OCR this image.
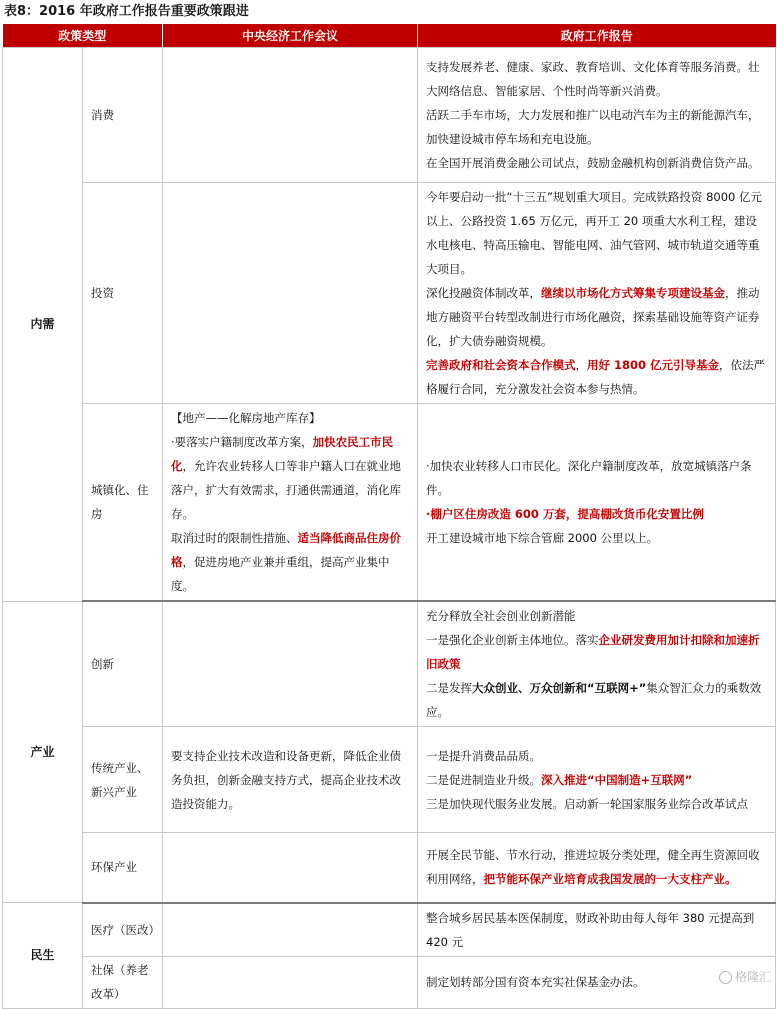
表8：2016 年政府工作报告重要政策跟进
政策类型		中央经济工作会议	政府工作报告
内需	消费		支持发展养老、健康、家政、教育培训、文化体育等服务消费。壮大网络信息、智能家居、个性时尚等新兴消费。
活跃二手车市场，大力发展和推广以电动汽车为主的新能源汽车，加快建设城市停车场和充电设施。
在全国开展消费金融公司试点，鼓励金融机构创新消费信贷产品。

	投资		今年要启动一批“十三五”规划重大项目。完成铁路投资 8000 亿元以上、公路投资 1.65 万亿元，再开工 20 项重大水利工程，建设水电核电、特高压输电、智能电网、油气管网、城市轨道交通等重大项目。
深化投融资体制改革，继续以市场化方式筹集专项建设基金，推动地方融资平台转型改制进行市场化融资，探索基础设施等资产证券化，扩大债券融资规模。
完善政府和社会资本合作模式，用好 1800 亿元引导基金，依法严格履行合同，充分激发社会资本参与热情。

	城镇化、住房	【地产——化解房地产库存】
·要落实户籍制度改革方案，加快农民工市民化，允许农业转移人口等非户籍人口在就业地落户，扩大有效需求，打通供需通道，消化库存。
取消过时的限制性措施、适当降低商品住房价格，促进房地产业兼并重组，提高产业集中度。	·加快农业转移人口市民化。深化户籍制度改革，放宽城镇落户条件。
·棚户区住房改造 600 万套，提高棚改货币化安置比例
开工建设城市地下综合管廊 2000 公里以上。

产业	创新		充分释放全社会创业创新潜能
一是强化企业创新主体地位。落实企业研发费用加计扣除和加速折旧政策
二是发挥大众创业、万众创新和“互联网+”集众智汇众力的乘数效应。

	传统产业、新兴产业	要支持企业技术改造和设备更新，降低企业债务负担，创新金融支持方式，提高企业技术改造投资能力。	一是提升消费品品质。
二是促进制造业升级。深入推进“中国制造+互联网”
三是加快现代服务业发展。启动新一轮国家服务业综合改革试点

	环保产业		开展全民节能、节水行动，推进垃圾分类处理，健全再生资源回收利用网络，把节能环保产业培育成我国发展的一大支柱产业。

民生	医疗（医改）		整合城乡居民基本医保制度，财政补助由每人每年 380 元提高到 420 元

	社保（养老改革）		制定划转部分国有资本充实社保基金办法。	格隆汇
